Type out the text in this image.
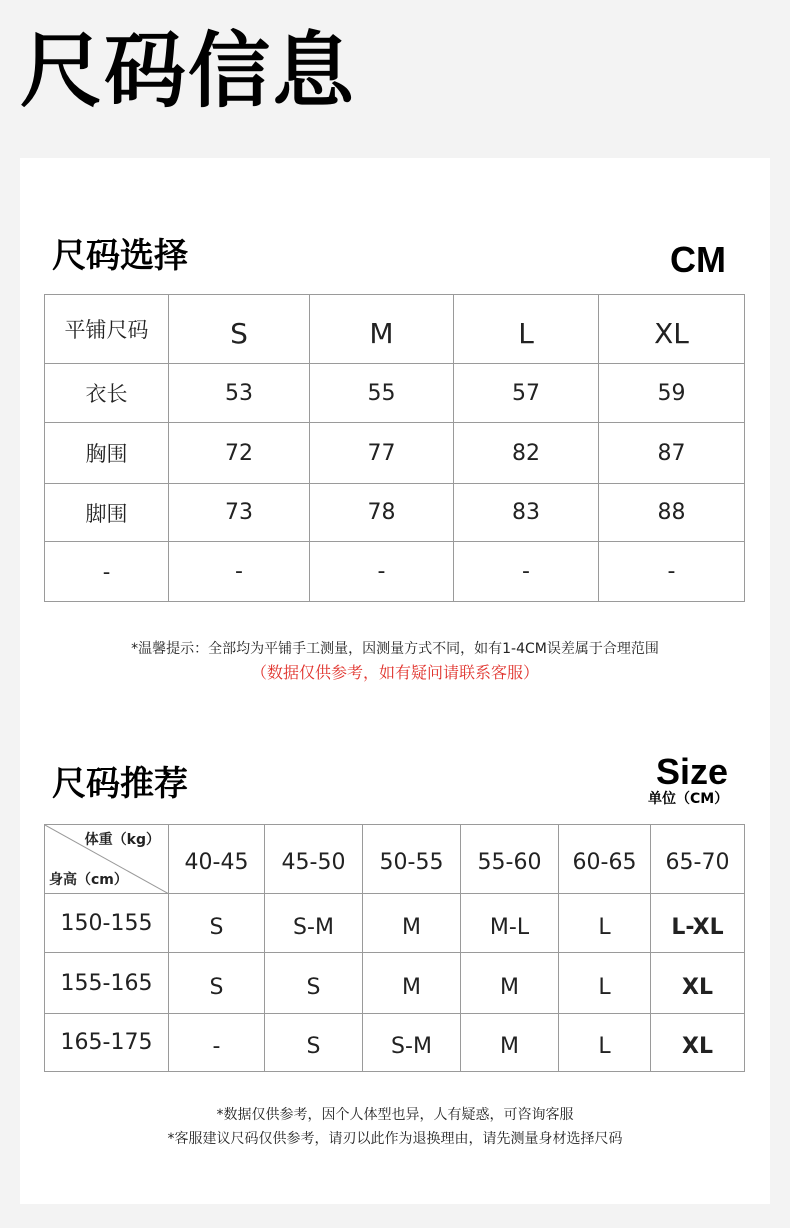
尺码信息
尺码选择	CM
平铺尺码	S	M	L	XL
衣长	53	55	57	59
胸围	72	77	82	87
脚围	73	78	83	88
-	-	-	-	-
*温馨提示：全部均为平铺手工测量，因测量方式不同，如有1-4CM误差属于合理范围
（数据仅供参考，如有疑问请联系客服）
尺码推荐	Size
单位（CM）
体重（kg）
身高（cm）	40-45	45-50	50-55	55-60	60-65	65-70
150-155	S	S-M	M	M-L	L	L-XL
155-165	S	S	M	M	L	XL
165-175	-	S	S-M	M	L	XL
*数据仅供参考，因个人体型也异，人有疑惑，可咨询客服
*客服建议尺码仅供参考，请刃以此作为退换理由，请先测量身材选择尺码
